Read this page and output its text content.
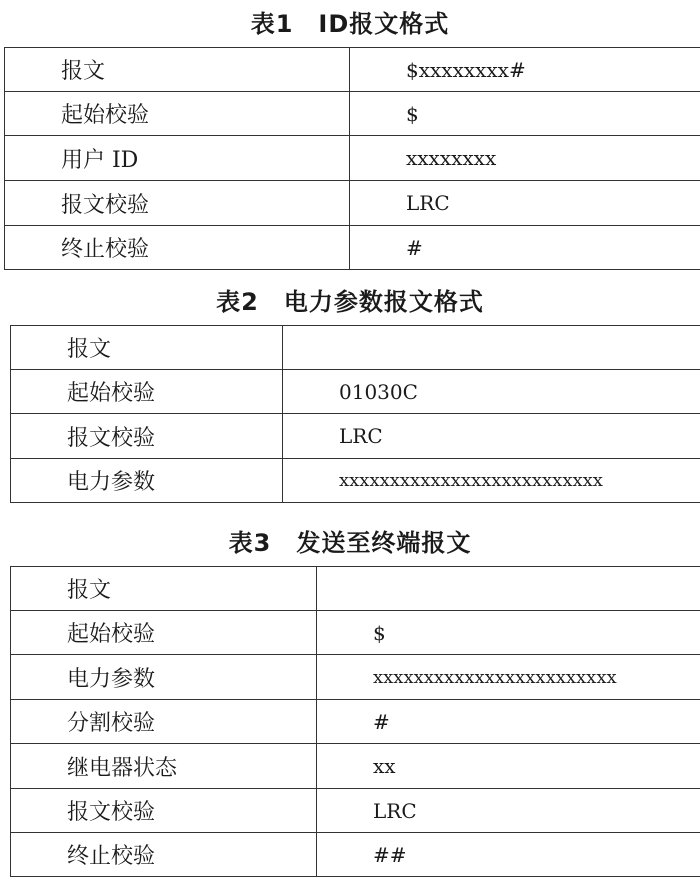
表1　ID报文格式
报文	$xxxxxxxx#
起始校验	$
用户 ID	xxxxxxxx
报文校验	LRC
终止校验	#
表2　电力参数报文格式
报文	
起始校验	01030C
报文校验	LRC
电力参数	xxxxxxxxxxxxxxxxxxxxxxxxxx
表3　发送至终端报文
报文	
起始校验	$
电力参数	xxxxxxxxxxxxxxxxxxxxxxxx
分割校验	#
继电器状态	xx
报文校验	LRC
终止校验	##
